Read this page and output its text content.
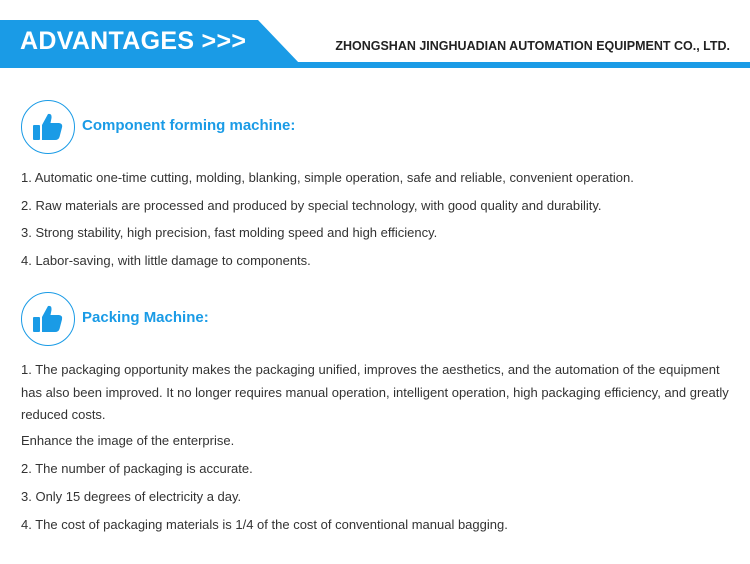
ADVANTAGES >>>	ZHONGSHAN JINGHUADIAN AUTOMATION EQUIPMENT CO., LTD.
Component forming machine:
1. Automatic one-time cutting, molding, blanking, simple operation, safe and reliable, convenient operation.
2. Raw materials are processed and produced by special technology, with good quality and durability.
3. Strong stability, high precision, fast molding speed and high efficiency.
4. Labor-saving, with little damage to components.
Packing Machine:
1. The packaging opportunity makes the packaging unified, improves the aesthetics, and the automation of the equipment has also been improved. It no longer requires manual operation, intelligent operation, high packaging efficiency, and greatly reduced costs.
Enhance the image of the enterprise.
2. The number of packaging is accurate.
3. Only 15 degrees of electricity a day.
4. The cost of packaging materials is 1/4 of the cost of conventional manual bagging.
